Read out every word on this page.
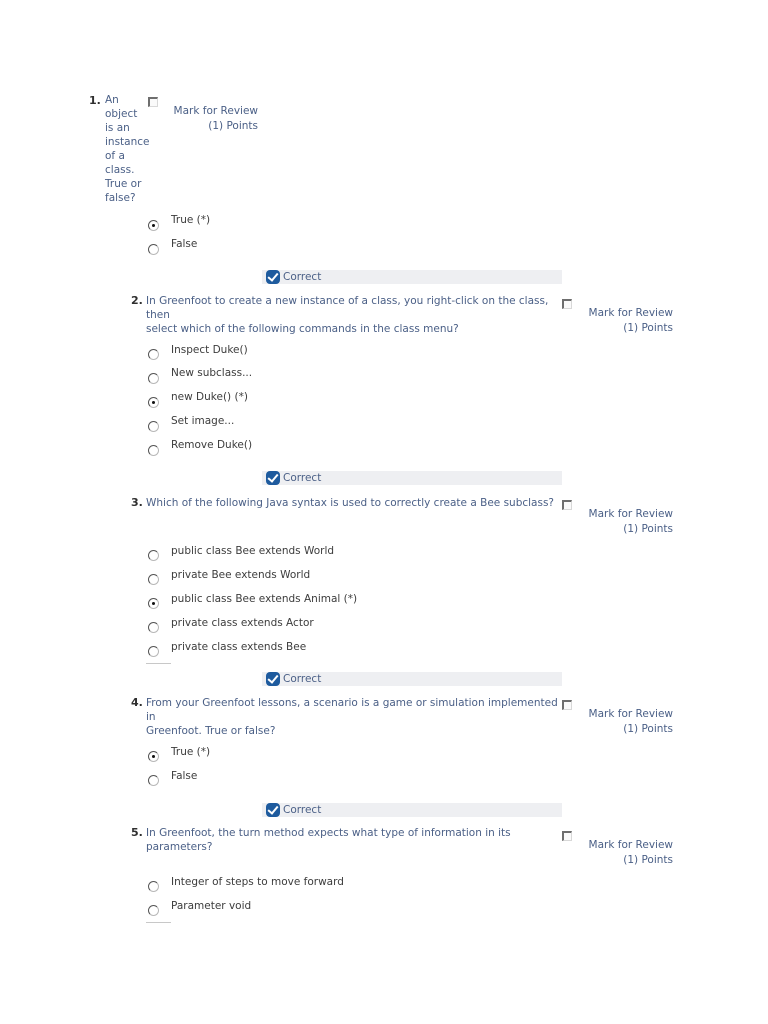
1. An
object
is an
instance
of a
class.
True or
false?
Mark for Review
(1) Points
True (*)
False
Correct
2. In Greenfoot to create a new instance of a class, you right-click on the class, then
select which of the following commands in the class menu?
Mark for Review
(1) Points
Inspect Duke()
New subclass...
new Duke() (*)
Set image...
Remove Duke()
Correct
3. Which of the following Java syntax is used to correctly create a Bee subclass?
Mark for Review
(1) Points
public class Bee extends World
private Bee extends World
public class Bee extends Animal (*)
private class extends Actor
private class extends Bee
Correct
4. From your Greenfoot lessons, a scenario is a game or simulation implemented in
Greenfoot. True or false?
Mark for Review
(1) Points
True (*)
False
Correct
5. In Greenfoot, the turn method expects what type of information in its parameters?	Mark for Review
(1) Points
Integer of steps to move forward
Parameter void
